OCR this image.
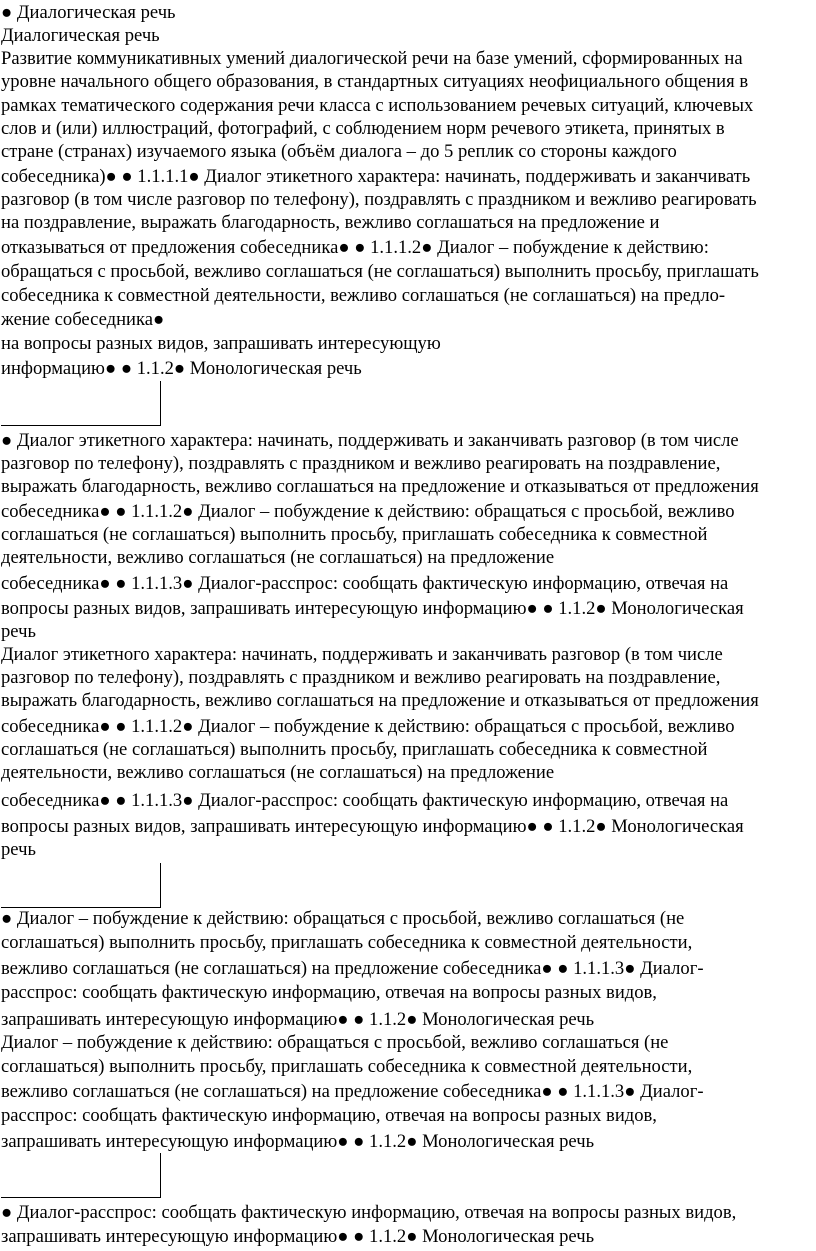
● Диалогическая речь
Диалогическая речь
Развитие коммуникативных умений диалогической речи на базе умений, сформированных на
уровне начального общего образования, в стандартных ситуациях неофициального общения в
рамках тематического содержания речи класса с использованием речевых ситуаций, ключевых
слов и (или) иллюстраций, фотографий, с соблюдением норм речевого этикета, принятых в
стране (странах) изучаемого языка (объём диалога – до 5 реплик со стороны каждого
собеседника)● ● 1.1.1.1● Диалог этикетного характера: начинать, поддерживать и заканчивать
разговор (в том числе разговор по телефону), поздравлять с праздником и вежливо реагировать
на поздравление, выражать благодарность, вежливо соглашаться на предложение и
отказываться от предложения собеседника● ● 1.1.1.2● Диалог – побуждение к действию:
обращаться с просьбой, вежливо соглашаться (не соглашаться) выполнить просьбу, приглашать
собеседника к совместной деятельности, вежливо соглашаться (не соглашаться) на предло-
жение собеседника●
на вопросы разных видов, запрашивать интересующую
информацию● ● 1.1.2● Монологическая речь
● Диалог этикетного характера: начинать, поддерживать и заканчивать разговор (в том числе
разговор по телефону), поздравлять с праздником и вежливо реагировать на поздравление,
выражать благодарность, вежливо соглашаться на предложение и отказываться от предложения
собеседника● ● 1.1.1.2● Диалог – побуждение к действию: обращаться с просьбой, вежливо
соглашаться (не соглашаться) выполнить просьбу, приглашать собеседника к совместной
деятельности, вежливо соглашаться (не соглашаться) на предложение
собеседника● ● 1.1.1.3● Диалог-расспрос: сообщать фактическую информацию, отвечая на
вопросы разных видов, запрашивать интересующую информацию● ● 1.1.2● Монологическая
речь
Диалог этикетного характера: начинать, поддерживать и заканчивать разговор (в том числе
разговор по телефону), поздравлять с праздником и вежливо реагировать на поздравление,
выражать благодарность, вежливо соглашаться на предложение и отказываться от предложения
собеседника● ● 1.1.1.2● Диалог – побуждение к действию: обращаться с просьбой, вежливо
соглашаться (не соглашаться) выполнить просьбу, приглашать собеседника к совместной
деятельности, вежливо соглашаться (не соглашаться) на предложение
собеседника● ● 1.1.1.3● Диалог-расспрос: сообщать фактическую информацию, отвечая на
вопросы разных видов, запрашивать интересующую информацию● ● 1.1.2● Монологическая
речь
● Диалог – побуждение к действию: обращаться с просьбой, вежливо соглашаться (не
соглашаться) выполнить просьбу, приглашать собеседника к совместной деятельности,
вежливо соглашаться (не соглашаться) на предложение собеседника● ● 1.1.1.3● Диалог-
расспрос: сообщать фактическую информацию, отвечая на вопросы разных видов,
запрашивать интересующую информацию● ● 1.1.2● Монологическая речь
Диалог – побуждение к действию: обращаться с просьбой, вежливо соглашаться (не
соглашаться) выполнить просьбу, приглашать собеседника к совместной деятельности,
вежливо соглашаться (не соглашаться) на предложение собеседника● ● 1.1.1.3● Диалог-
расспрос: сообщать фактическую информацию, отвечая на вопросы разных видов,
запрашивать интересующую информацию● ● 1.1.2● Монологическая речь
● Диалог-расспрос: сообщать фактическую информацию, отвечая на вопросы разных видов,
запрашивать интересующую информацию● ● 1.1.2● Монологическая речь
